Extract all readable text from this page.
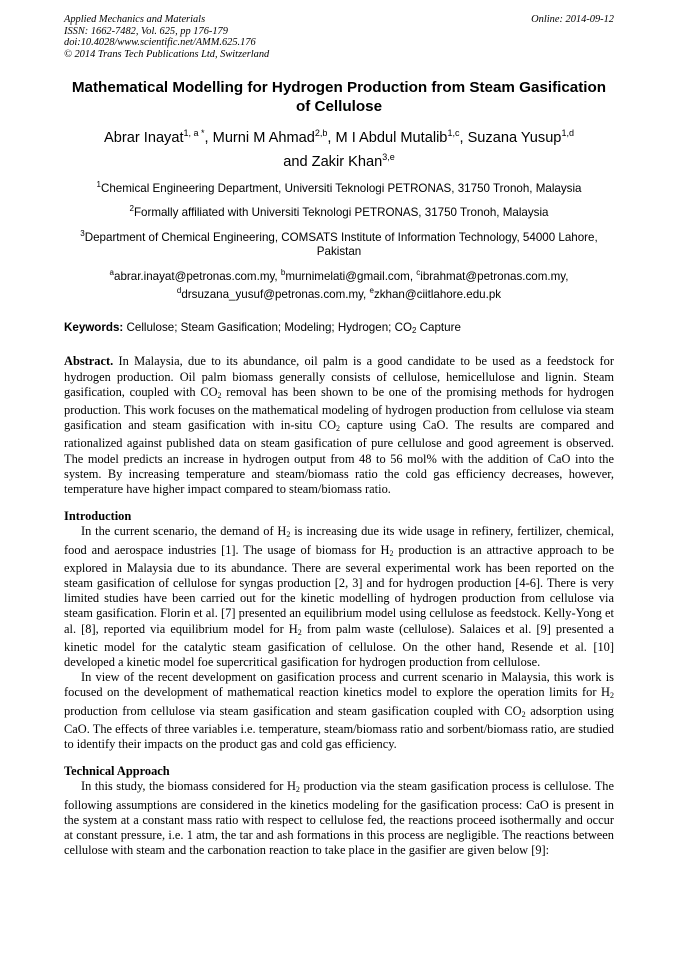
Applied Mechanics and Materials
ISSN: 1662-7482, Vol. 625, pp 176-179
doi:10.4028/www.scientific.net/AMM.625.176
© 2014 Trans Tech Publications Ltd, Switzerland
Online: 2014-09-12
Mathematical Modelling for Hydrogen Production from Steam Gasification of Cellulose
Abrar Inayat$^{1, a *}$, Murni M Ahmad$^{2,b}$, M I Abdul Mutalib$^{1,c}$, Suzana Yusup$^{1,d}$
and Zakir Khan$^{3,e}$
$^1$Chemical Engineering Department, Universiti Teknologi PETRONAS, 31750 Tronoh, Malaysia
$^2$Formally affiliated with Universiti Teknologi PETRONAS, 31750 Tronoh, Malaysia
$^3$Department of Chemical Engineering, COMSATS Institute of Information Technology, 54000 Lahore, Pakistan
$^a$abrar.inayat@petronas.com.my, $^b$murnimelati@gmail.com, $^c$ibrahmat@petronas.com.my,
$^d$drsuzana_yusuf@petronas.com.my, $^e$zkhan@ciitlahore.edu.pk
Keywords: Cellulose; Steam Gasification; Modeling; Hydrogen; $CO_2$ Capture

Abstract. In Malaysia, due to its abundance, oil palm is a good candidate to be used as a feedstock for hydrogen production. Oil palm biomass generally consists of cellulose, hemicellulose and lignin. Steam gasification, coupled with $CO_2$ removal has been shown to be one of the promising methods for hydrogen production. This work focuses on the mathematical modeling of hydrogen production from cellulose via steam gasification and steam gasification with in-situ $CO_2$ capture using CaO. The results are compared and rationalized against published data on steam gasification of pure cellulose and good agreement is observed. The model predicts an increase in hydrogen output from 48 to 56 mol% with the addition of CaO into the system. By increasing temperature and steam/biomass ratio the cold gas efficiency decreases, however, temperature have higher impact compared to steam/biomass ratio.

Introduction

In the current scenario, the demand of $H_2$ is increasing due its wide usage in refinery, fertilizer, chemical, food and aerospace industries [1]. The usage of biomass for $H_2$ production is an attractive approach to be explored in Malaysia due to its abundance. There are several experimental work has been reported on the steam gasification of cellulose for syngas production [2, 3] and for hydrogen production [4-6]. There is very limited studies have been carried out for the kinetic modelling of hydrogen production from cellulose via steam gasification. Florin et al. [7] presented an equilibrium model using cellulose as feedstock. Kelly-Yong et al. [8], reported via equilibrium model for $H_2$ from palm waste (cellulose). Salaices et al. [9] presented a kinetic model for the catalytic steam gasification of cellulose. On the other hand, Resende et al. [10] developed a kinetic model foe supercritical gasification for hydrogen production from cellulose.

In view of the recent development on gasification process and current scenario in Malaysia, this work is focused on the development of mathematical reaction kinetics model to explore the operation limits for $H_2$ production from cellulose via steam gasification and steam gasification coupled with $CO_2$ adsorption using CaO. The effects of three variables i.e. temperature, steam/biomass ratio and sorbent/biomass ratio, are studied to identify their impacts on the product gas and cold gas efficiency.

Technical Approach

In this study, the biomass considered for $H_2$ production via the steam gasification process is cellulose. The following assumptions are considered in the kinetics modeling for the gasification process: CaO is present in the system at a constant mass ratio with respect to cellulose fed, the reactions proceed isothermally and occur at constant pressure, i.e. 1 atm, the tar and ash formations in this process are negligible. The reactions between cellulose with steam and the carbonation reaction to take place in the gasifier are given below [9]:
